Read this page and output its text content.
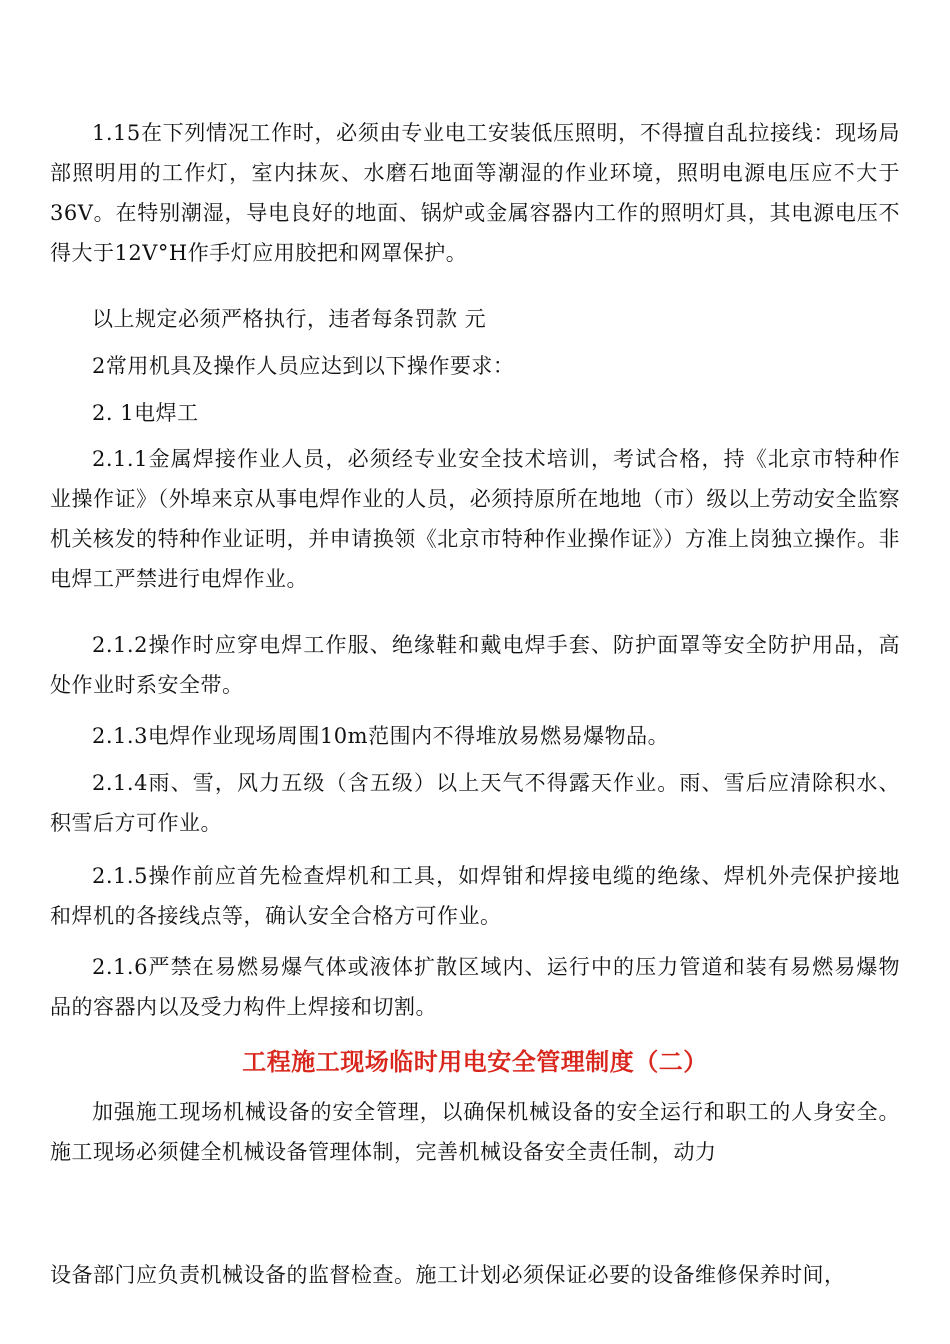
1.15在下列情况工作时，必须由专业电工安装低压照明，不得擅自乱拉接线：现场局部照明用的工作灯，室内抹灰、水磨石地面等潮湿的作业环境，照明电源电压应不大于36V。在特别潮湿，导电良好的地面、锅炉或金属容器内工作的照明灯具，其电源电压不得大于12V°H作手灯应用胶把和网罩保护。

以上规定必须严格执行，违者每条罚款 元

2常用机具及操作人员应达到以下操作要求：

2. 1电焊工

2.1.1金属焊接作业人员，必须经专业安全技术培训，考试合格，持《北京市特种作业操作证》（外埠来京从事电焊作业的人员，必须持原所在地地（市）级以上劳动安全监察机关核发的特种作业证明，并申请换领《北京市特种作业操作证》）方准上岗独立操作。非电焊工严禁进行电焊作业。

2.1.2操作时应穿电焊工作服、绝缘鞋和戴电焊手套、防护面罩等安全防护用品，高处作业时系安全带。

2.1.3电焊作业现场周围10m范围内不得堆放易燃易爆物品。

2.1.4雨、雪，风力五级（含五级）以上天气不得露天作业。雨、雪后应清除积水、积雪后方可作业。

2.1.5操作前应首先检查焊机和工具，如焊钳和焊接电缆的绝缘、焊机外壳保护接地和焊机的各接线点等，确认安全合格方可作业。

2.1.6严禁在易燃易爆气体或液体扩散区域内、运行中的压力管道和装有易燃易爆物品的容器内以及受力构件上焊接和切割。

工程施工现场临时用电安全管理制度（二）

加强施工现场机械设备的安全管理，以确保机械设备的安全运行和职工的人身安全。施工现场必须健全机械设备管理体制，完善机械设备安全责任制，动力

设备部门应负责机械设备的监督检查。施工计划必须保证必要的设备维修保养时间，
